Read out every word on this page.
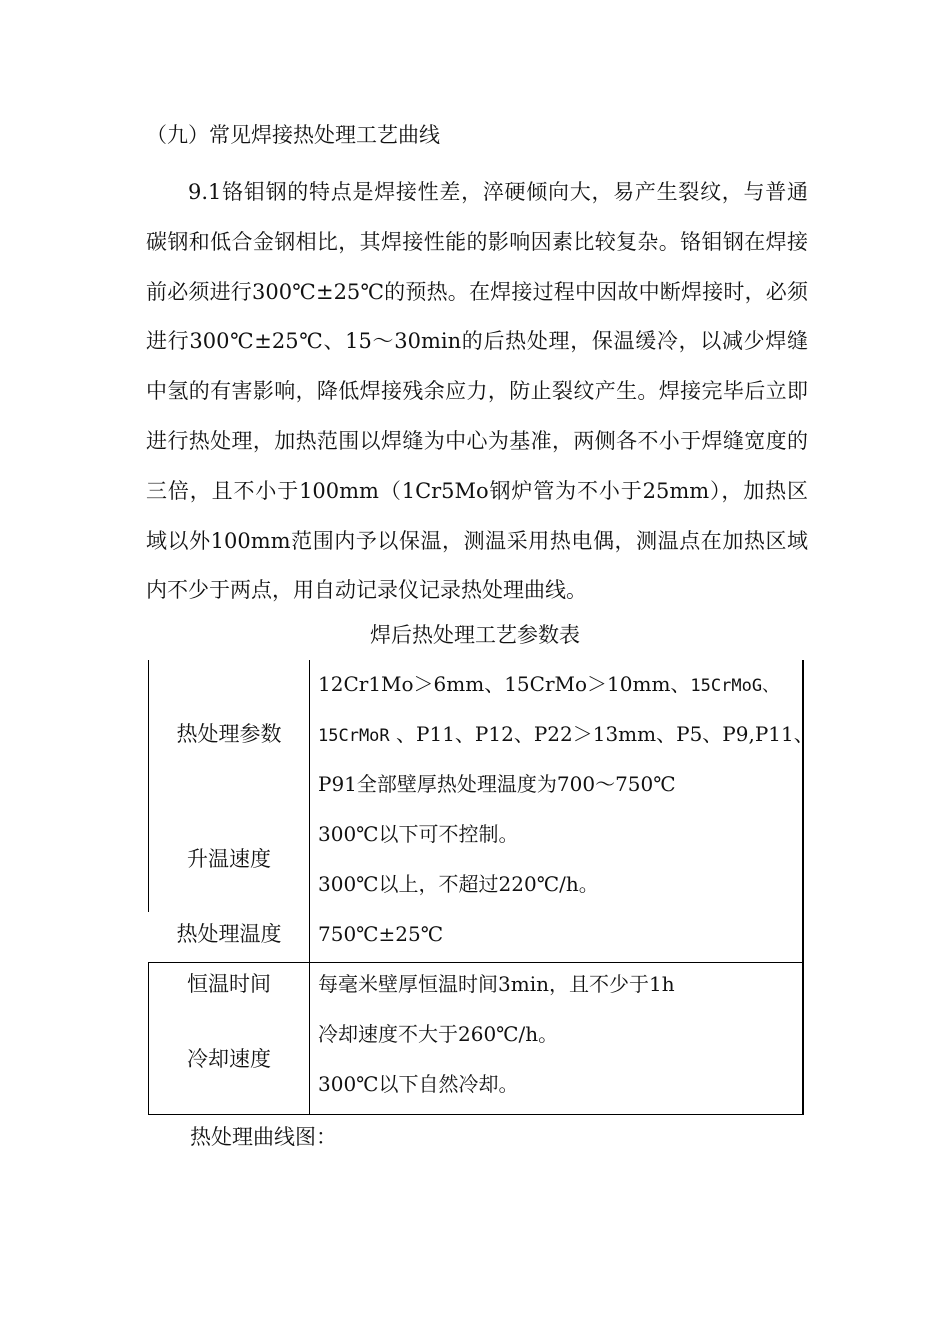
（九）常见焊接热处理工艺曲线

9.1铬钼钢的特点是焊接性差，淬硬倾向大，易产生裂纹，与普通碳钢和低合金钢相比，其焊接性能的影响因素比较复杂。铬钼钢在焊接前必须进行300℃±25℃的预热。在焊接过程中因故中断焊接时，必须进行300℃±25℃、15～30min的后热处理，保温缓冷，以减少焊缝中氢的有害影响，降低焊接残余应力，防止裂纹产生。焊接完毕后立即进行热处理，加热范围以焊缝为中心为基准，两侧各不小于焊缝宽度的三倍，且不小于100mm（1Cr5Mo钢炉管为不小于25mm），加热区域以外100mm范围内予以保温，测温采用热电偶，测温点在加热区域内不少于两点，用自动记录仪记录热处理曲线。

焊后热处理工艺参数表
热处理参数
12Cr1Mo＞6mm、15CrMo＞10mm、15CrMoG、
15CrMoR 、P11、P12、P22＞13mm、P5、P9,P11、
P91全部壁厚热处理温度为700～750℃
升温速度
300℃以下可不控制。
300℃以上，不超过220℃/h。
热处理温度	750℃±25℃
恒温时间	每毫米壁厚恒温时间3min，且不少于1h
冷却速度
冷却速度不大于260℃/h。
300℃以下自然冷却。
热处理曲线图：
